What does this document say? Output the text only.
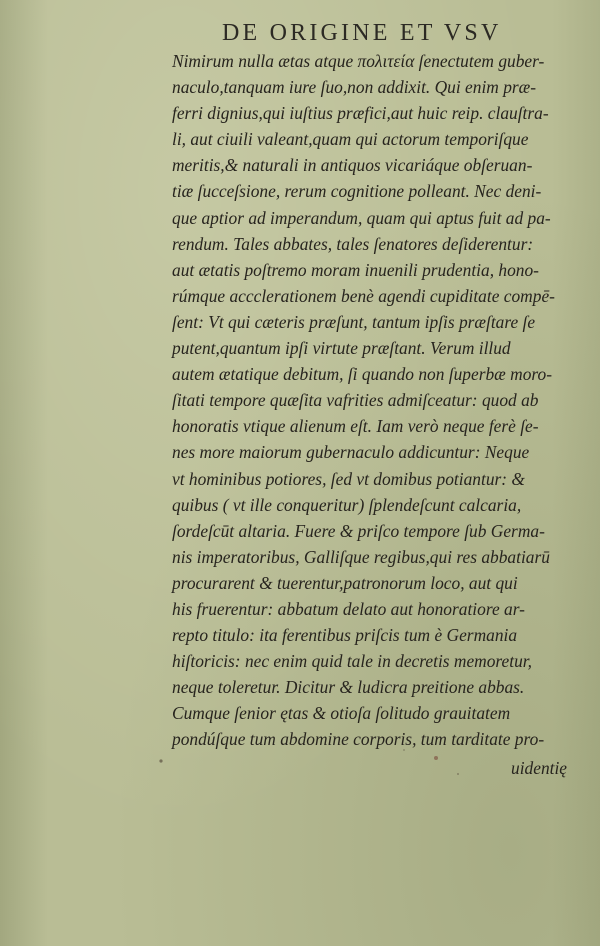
DE ORIGINE ET VSV
Nimirum nulla ætas atque πολιτεία ſenectutem guber-
naculo,tanquam iure ſuo,non addixit. Qui enim præ-
ferri dignius,qui iuſtius præfici,aut huic reip. clauſtra-
li, aut ciuili valeant,quam qui actorum temporiſque
meritis,& naturali in antiquos vicariáque obſeruan-
tiæ ſucceſsione, rerum cognitione polleant. Nec deni-
que aptior ad imperandum, quam qui aptus fuit ad pa-
rendum. Tales abbates, tales ſenatores deſiderentur:
aut ætatis poſtremo moram inuenili prudentia, hono-
rúmque accclerationem benè agendi cupiditate compē-
ſent: Vt qui cæteris præſunt, tantum ipſis præſtare ſe
putent,quantum ipſi virtute præſtant. Verum illud
autem ætatique debitum, ſi quando non ſuperbæ moro-
ſitati tempore quæſita vafrities admiſceatur: quod ab
honoratis vtique alienum eſt. Iam verò neque ferè ſe-
nes more maiorum gubernaculo addicuntur: Neque
vt hominibus potiores, ſed vt domibus potiantur: &
quibus ( vt ille conqueritur) ſplendeſcunt calcaria,
ſordeſcūt altaria. Fuere & priſco tempore ſub Germa-
nis imperatoribus, Galliſque regibus,qui res abbatiarū
procurarent & tuerentur,patronorum loco, aut qui
his fruerentur: abbatum delato aut honoratiore ar-
repto titulo: ita ferentibus priſcis tum è Germania
hiſtoricis: nec enim quid tale in decretis memoretur,
neque toleretur. Dicitur & ludicra preitione abbas.
Cumque ſenior ętas & otioſa ſolitudo grauitatem
pondúſque tum abdomine corporis, tum tarditate pro-
uidentię
